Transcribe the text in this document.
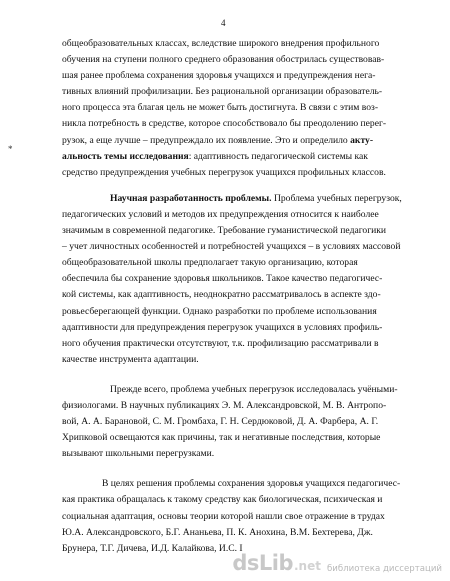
4
*
общеобразовательных классах, вследствие широкого внедрения профильного
обучения на ступени полного среднего образования обострилась существовав-
шая ранее проблема сохранения здоровья учащихся и предупреждения нега-
тивных влияний профилизации. Без рациональной организации образователь-
ного процесса эта благая цель не может быть достигнута. В связи с этим воз-
никла потребность в средстве, которое способствовало бы преодолению перег-
рузок, а еще лучше – предупреждало их появление. Это и определило акту-
альность темы исследования: адаптивность педагогической системы как
средство предупреждения учебных перегрузок учащихся профильных классов.
Научная разработанность проблемы. Проблема учебных перегрузок,
педагогических условий и методов их предупреждения относится к наиболее
значимым в современной педагогике. Требование гуманистической педагогики
– учет личностных особенностей и потребностей учащихся – в условиях массовой
общеобразовательной школы предполагает такую организацию, которая
обеспечила бы сохранение здоровья школьников. Такое качество педагогичес-
кой системы, как адаптивность, неоднократно рассматривалось в аспекте здо-
ровьесберегающей функции. Однако разработки по проблеме использования
адаптивности для предупреждения перегрузок учащихся в условиях профиль-
ного обучения практически отсутствуют, т.к. профилизацию рассматривали в
качестве инструмента адаптации.
Прежде всего, проблема учебных перегрузок исследовалась учёными-
физиологами. В научных публикациях Э. М. Александровской, М. В. Антропо-
вой, А. А. Барановой, С. М. Громбаха, Г. Н. Сердюковой, Д. А. Фарбера, А. Г.
Хрипковой освещаются как причины, так и негативные последствия, которые
вызывают школьными перегрузками.
В целях решения проблемы сохранения здоровья учащихся педагогичес-
кая практика обращалась к такому средству как биологическая, психическая и
социальная адаптация, основы теории которой нашли свое отражение в трудах
Ю.А. Александровского, Б.Г. Ананьева, П. К. Анохина, В.М. Бехтерева, Дж.
Брунера, Т.Г. Дичева, И.Д. Калайкова, И.С. I
dsLib .net библиотека диссертаций
